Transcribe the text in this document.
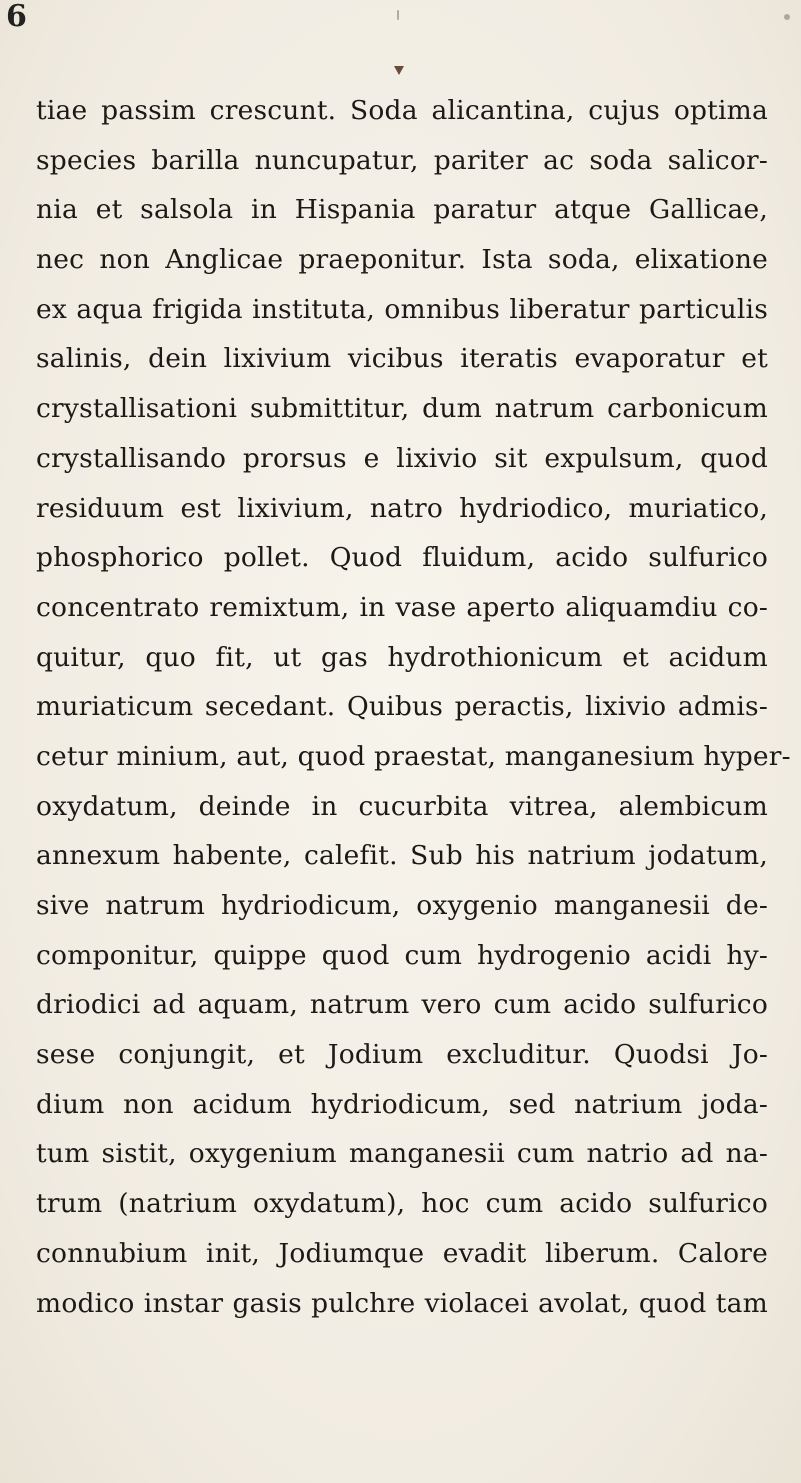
6
tiae passim crescunt. Soda alicantina, cujus optima
species barilla nuncupatur, pariter ac soda salicor-
nia et salsola in Hispania paratur atque Gallicae,
nec non Anglicae praeponitur. Ista soda, elixatione
ex aqua frigida instituta, omnibus liberatur particulis
salinis, dein lixivium vicibus iteratis evaporatur et
crystallisationi submittitur, dum natrum carbonicum
crystallisando prorsus e lixivio sit expulsum, quod
residuum est lixivium, natro hydriodico, muriatico,
phosphorico pollet. Quod fluidum, acido sulfurico
concentrato remixtum, in vase aperto aliquamdiu co-
quitur, quo fit, ut gas hydrothionicum et acidum
muriaticum secedant. Quibus peractis, lixivio admis-
cetur minium, aut, quod praestat, manganesium hyper-
oxydatum, deinde in cucurbita vitrea, alembicum
annexum habente, calefit. Sub his natrium jodatum,
sive natrum hydriodicum, oxygenio manganesii de-
componitur, quippe quod cum hydrogenio acidi hy-
driodici ad aquam, natrum vero cum acido sulfurico
sese conjungit, et Jodium excluditur. Quodsi Jo-
dium non acidum hydriodicum, sed natrium joda-
tum sistit, oxygenium manganesii cum natrio ad na-
trum (natrium oxydatum), hoc cum acido sulfurico
connubium init, Jodiumque evadit liberum. Calore
modico instar gasis pulchre violacei avolat, quod tam
